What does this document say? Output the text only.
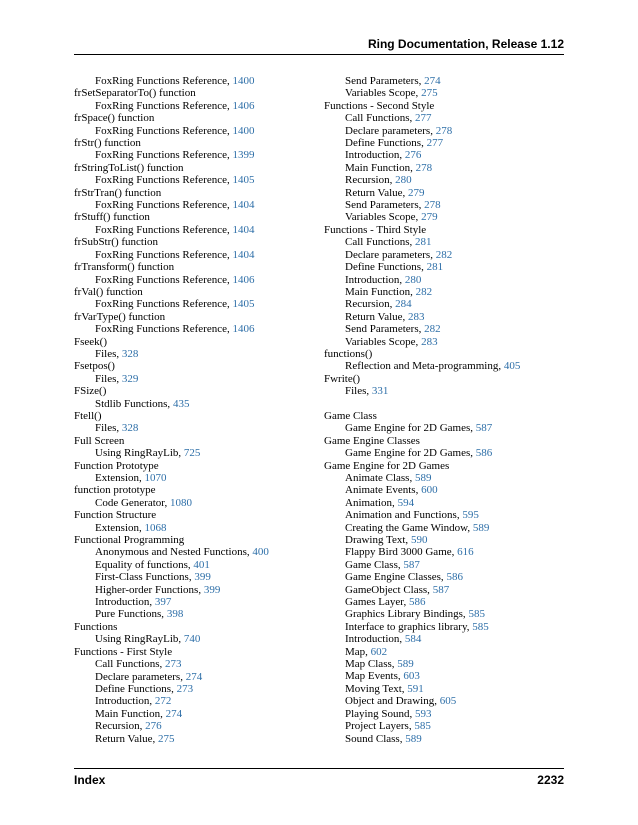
Ring Documentation, Release 1.12
FoxRing Functions Reference, 1400
frSetSeparatorTo() function
FoxRing Functions Reference, 1406
frSpace() function
FoxRing Functions Reference, 1400
frStr() function
FoxRing Functions Reference, 1399
frStringToList() function
FoxRing Functions Reference, 1405
frStrTran() function
FoxRing Functions Reference, 1404
frStuff() function
FoxRing Functions Reference, 1404
frSubStr() function
FoxRing Functions Reference, 1404
frTransform() function
FoxRing Functions Reference, 1406
frVal() function
FoxRing Functions Reference, 1405
frVarType() function
FoxRing Functions Reference, 1406
Fseek()
Files, 328
Fsetpos()
Files, 329
FSize()
Stdlib Functions, 435
Ftell()
Files, 328
Full Screen
Using RingRayLib, 725
Function Prototype
Extension, 1070
function prototype
Code Generator, 1080
Function Structure
Extension, 1068
Functional Programming
Anonymous and Nested Functions, 400
Equality of functions, 401
First-Class Functions, 399
Higher-order Functions, 399
Introduction, 397
Pure Functions, 398
Functions
Using RingRayLib, 740
Functions - First Style
Call Functions, 273
Declare parameters, 274
Define Functions, 273
Introduction, 272
Main Function, 274
Recursion, 276
Return Value, 275
Send Parameters, 274
Variables Scope, 275
Functions - Second Style
Call Functions, 277
Declare parameters, 278
Define Functions, 277
Introduction, 276
Main Function, 278
Recursion, 280
Return Value, 279
Send Parameters, 278
Variables Scope, 279
Functions - Third Style
Call Functions, 281
Declare parameters, 282
Define Functions, 281
Introduction, 280
Main Function, 282
Recursion, 284
Return Value, 283
Send Parameters, 282
Variables Scope, 283
functions()
Reflection and Meta-programming, 405
Fwrite()
Files, 331
Game Class
Game Engine for 2D Games, 587
Game Engine Classes
Game Engine for 2D Games, 586
Game Engine for 2D Games
Animate Class, 589
Animate Events, 600
Animation, 594
Animation and Functions, 595
Creating the Game Window, 589
Drawing Text, 590
Flappy Bird 3000 Game, 616
Game Class, 587
Game Engine Classes, 586
GameObject Class, 587
Games Layer, 586
Graphics Library Bindings, 585
Interface to graphics library, 585
Introduction, 584
Map, 602
Map Class, 589
Map Events, 603
Moving Text, 591
Object and Drawing, 605
Playing Sound, 593
Project Layers, 585
Sound Class, 589
Index	2232
